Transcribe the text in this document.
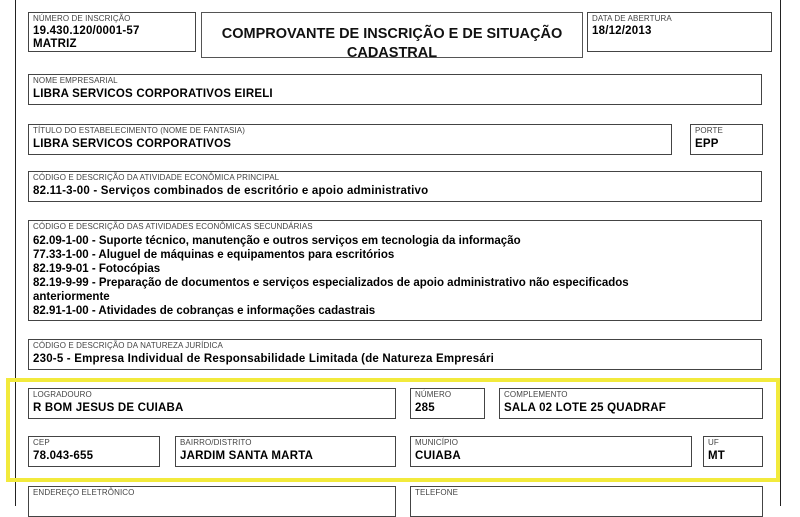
NÚMERO DE INSCRIÇÃO
19.430.120/0001-57
MATRIZ
COMPROVANTE DE INSCRIÇÃO E DE SITUAÇÃO
CADASTRAL
DATA DE ABERTURA
18/12/2013
NOME EMPRESARIAL
LIBRA SERVICOS CORPORATIVOS EIRELI
TÍTULO DO ESTABELECIMENTO (NOME DE FANTASIA)
LIBRA SERVICOS CORPORATIVOS
PORTE
EPP
CÓDIGO E DESCRIÇÃO DA ATIVIDADE ECONÔMICA PRINCIPAL
82.11-3-00 - Serviços combinados de escritório e apoio administrativo
CÓDIGO E DESCRIÇÃO DAS ATIVIDADES ECONÔMICAS SECUNDÁRIAS
62.09-1-00 - Suporte técnico, manutenção e outros serviços em tecnologia da informação
77.33-1-00 - Aluguel de máquinas e equipamentos para escritórios
82.19-9-01 - Fotocópias
82.19-9-99 - Preparação de documentos e serviços especializados de apoio administrativo não especificados
anteriormente
82.91-1-00 - Atividades de cobranças e informações cadastrais
CÓDIGO E DESCRIÇÃO DA NATUREZA JURÍDICA
230-5 - Empresa Individual de Responsabilidade Limitada (de Natureza Empresári
LOGRADOURO
R BOM JESUS DE CUIABA
NÚMERO
285
COMPLEMENTO
SALA 02 LOTE 25 QUADRAF
CEP
78.043-655
BAIRRO/DISTRITO
JARDIM SANTA MARTA
MUNICÍPIO
CUIABA
UF
MT
ENDEREÇO ELETRÔNICO	TELEFONE
